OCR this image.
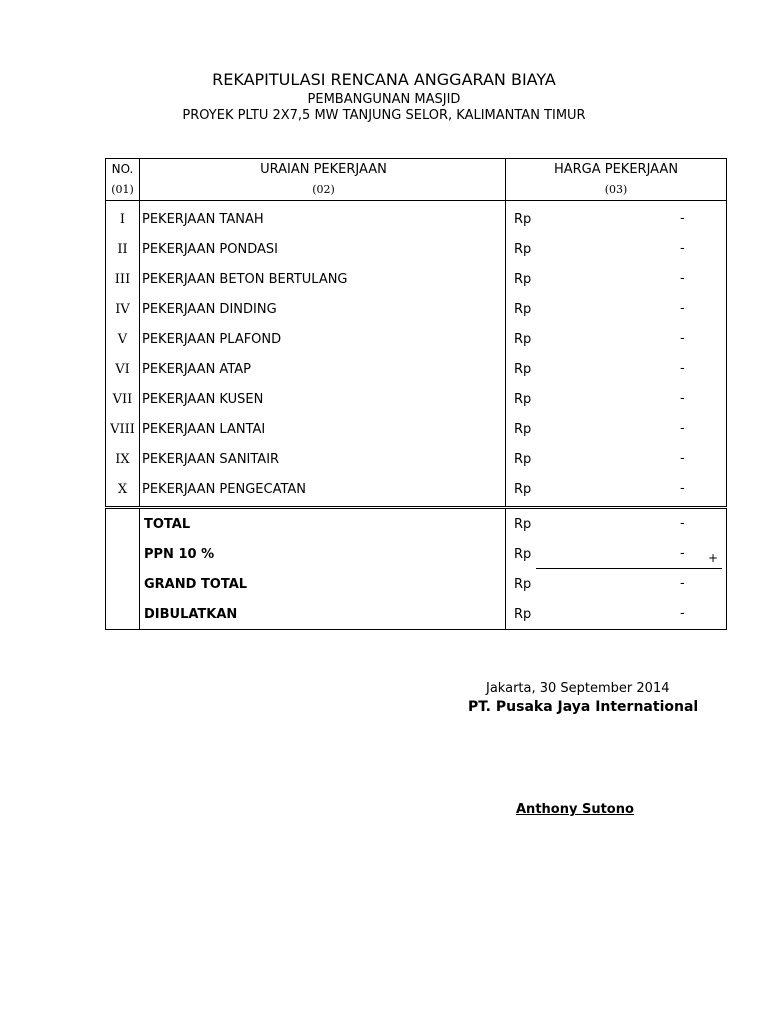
REKAPITULASI RENCANA ANGGARAN BIAYA
PEMBANGUNAN MASJID
PROYEK PLTU 2X7,5 MW TANJUNG SELOR, KALIMANTAN TIMUR
NO.	URAIAN PEKERJAAN	HARGA PEKERJAAN
(01)	(02)	(03)

I	PEKERJAAN TANAH	Rp -

II	PEKERJAAN PONDASI	Rp -

III	PEKERJAAN BETON BERTULANG	Rp -

IV	PEKERJAAN DINDING	Rp -

V	PEKERJAAN PLAFOND	Rp -

VI	PEKERJAAN ATAP	Rp -

VII	PEKERJAAN KUSEN	Rp -

VIII	PEKERJAAN LANTAI	Rp -

IX	PEKERJAAN SANITAIR	Rp -

X	PEKERJAAN PENGECATAN	Rp -

	TOTAL	Rp -

	PPN 10 %	Rp -

	GRAND TOTAL	Rp -

	DIBULATKAN	Rp -
+
Jakarta, 30 September 2014
PT. Pusaka Jaya International
Anthony Sutono
